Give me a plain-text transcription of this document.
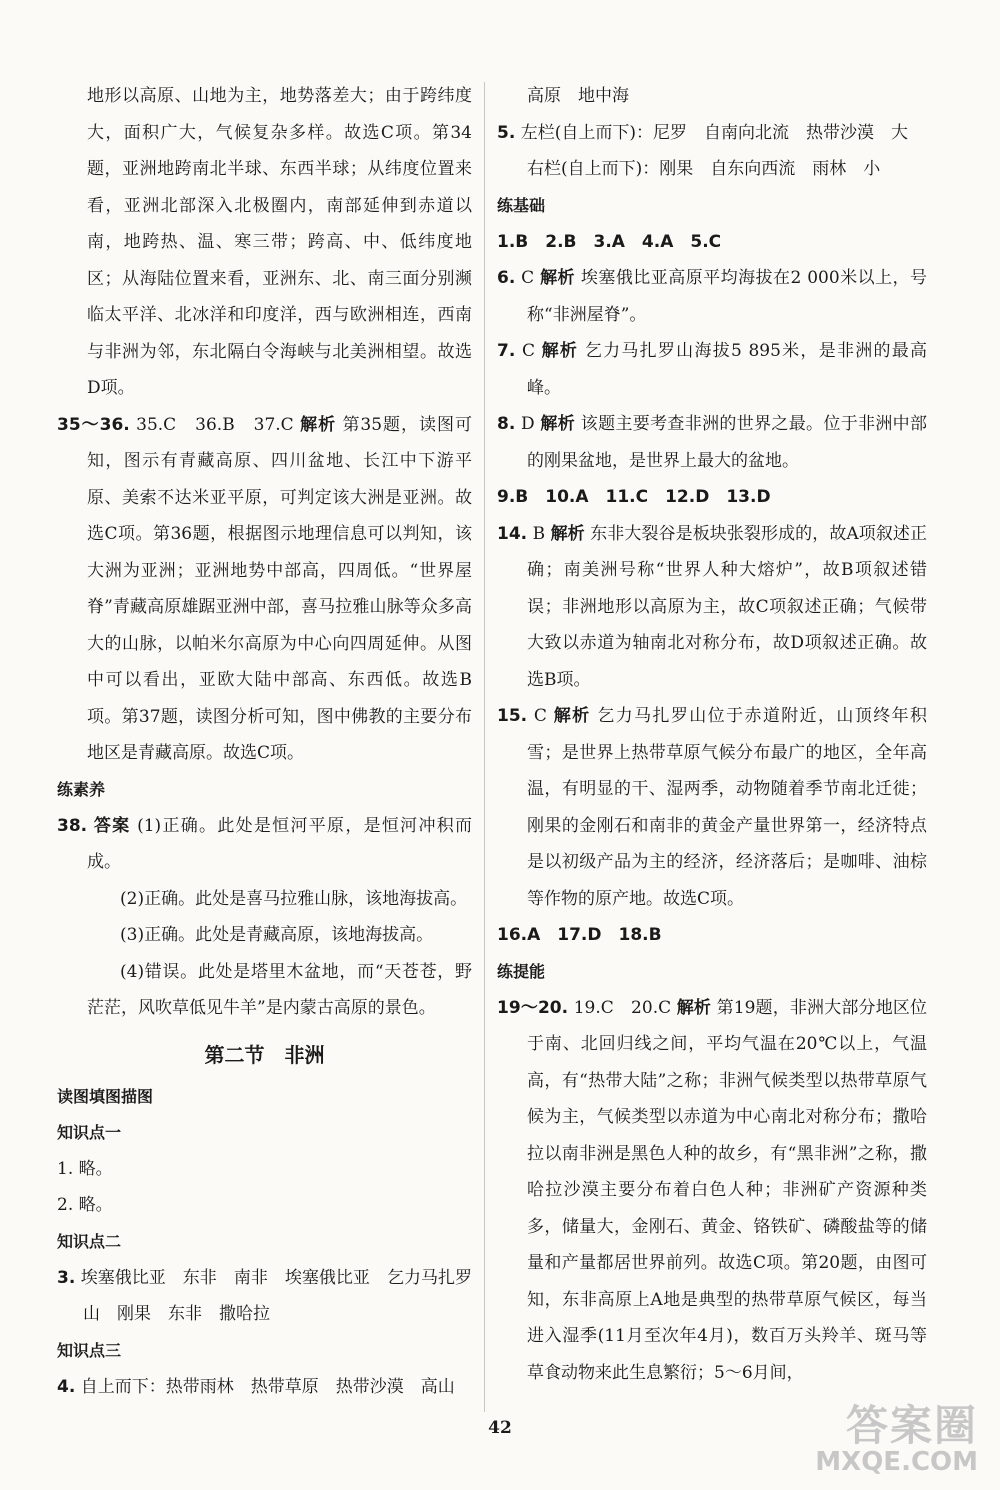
地形以高原、山地为主，地势落差大；由于跨纬度大，面积广大，气候复杂多样。故选C项。第34题，亚洲地跨南北半球、东西半球；从纬度位置来看，亚洲北部深入北极圈内，南部延伸到赤道以南，地跨热、温、寒三带；跨高、中、低纬度地区；从海陆位置来看，亚洲东、北、南三面分别濒临太平洋、北冰洋和印度洋，西与欧洲相连，西南与非洲为邻，东北隔白令海峡与北美洲相望。故选D项。

35～36. 35.C　36.B　37.C 解析 第35题，读图可知，图示有青藏高原、四川盆地、长江中下游平原、美索不达米亚平原，可判定该大洲是亚洲。故选C项。第36题，根据图示地理信息可以判知，该大洲为亚洲；亚洲地势中部高，四周低。“世界屋脊”青藏高原雄踞亚洲中部，喜马拉雅山脉等众多高大的山脉，以帕米尔高原为中心向四周延伸。从图中可以看出，亚欧大陆中部高、东西低。故选B项。第37题，读图分析可知，图中佛教的主要分布地区是青藏高原。故选C项。

练素养

38. 答案 (1)正确。此处是恒河平原，是恒河冲积而成。

(2)正确。此处是喜马拉雅山脉，该地海拔高。

(3)正确。此处是青藏高原，该地海拔高。

(4)错误。此处是塔里木盆地，而“天苍苍，野茫茫，风吹草低见牛羊”是内蒙古高原的景色。

第二节　非洲

读图填图描图

知识点一

1. 略。

2. 略。

知识点二

3. 埃塞俄比亚　东非　南非　埃塞俄比亚　乞力马扎罗山　刚果　东非　撒哈拉

知识点三

4. 自上而下：热带雨林　热带草原　热带沙漠　高山

高原　地中海

5. 左栏(自上而下)：尼罗　自南向北流　热带沙漠　大

右栏(自上而下)：刚果　自东向西流　雨林　小

练基础

1.B　2.B　3.A　4.A　5.C

6. C 解析 埃塞俄比亚高原平均海拔在2 000米以上，号称“非洲屋脊”。

7. C 解析 乞力马扎罗山海拔5 895米，是非洲的最高峰。

8. D 解析 该题主要考查非洲的世界之最。位于非洲中部的刚果盆地，是世界上最大的盆地。

9.B　10.A　11.C　12.D　13.D

14. B 解析 东非大裂谷是板块张裂形成的，故A项叙述正确；南美洲号称“世界人种大熔炉”，故B项叙述错误；非洲地形以高原为主，故C项叙述正确；气候带大致以赤道为轴南北对称分布，故D项叙述正确。故选B项。

15. C 解析 乞力马扎罗山位于赤道附近，山顶终年积雪；是世界上热带草原气候分布最广的地区，全年高温，有明显的干、湿两季，动物随着季节南北迁徙；刚果的金刚石和南非的黄金产量世界第一，经济特点是以初级产品为主的经济，经济落后；是咖啡、油棕等作物的原产地。故选C项。

16.A　17.D　18.B

练提能

19～20. 19.C　20.C 解析 第19题，非洲大部分地区位于南、北回归线之间，平均气温在20℃以上，气温高，有“热带大陆”之称；非洲气候类型以热带草原气候为主，气候类型以赤道为中心南北对称分布；撒哈拉以南非洲是黑色人种的故乡，有“黑非洲”之称，撒哈拉沙漠主要分布着白色人种；非洲矿产资源种类多，储量大，金刚石、黄金、铬铁矿、磷酸盐等的储量和产量都居世界前列。故选C项。第20题，由图可知，东非高原上A地是典型的热带草原气候区，每当进入湿季(11月至次年4月)，数百万头羚羊、斑马等草食动物来此生息繁衍；5～6月间，

42	答案圈
MXQE.COM
